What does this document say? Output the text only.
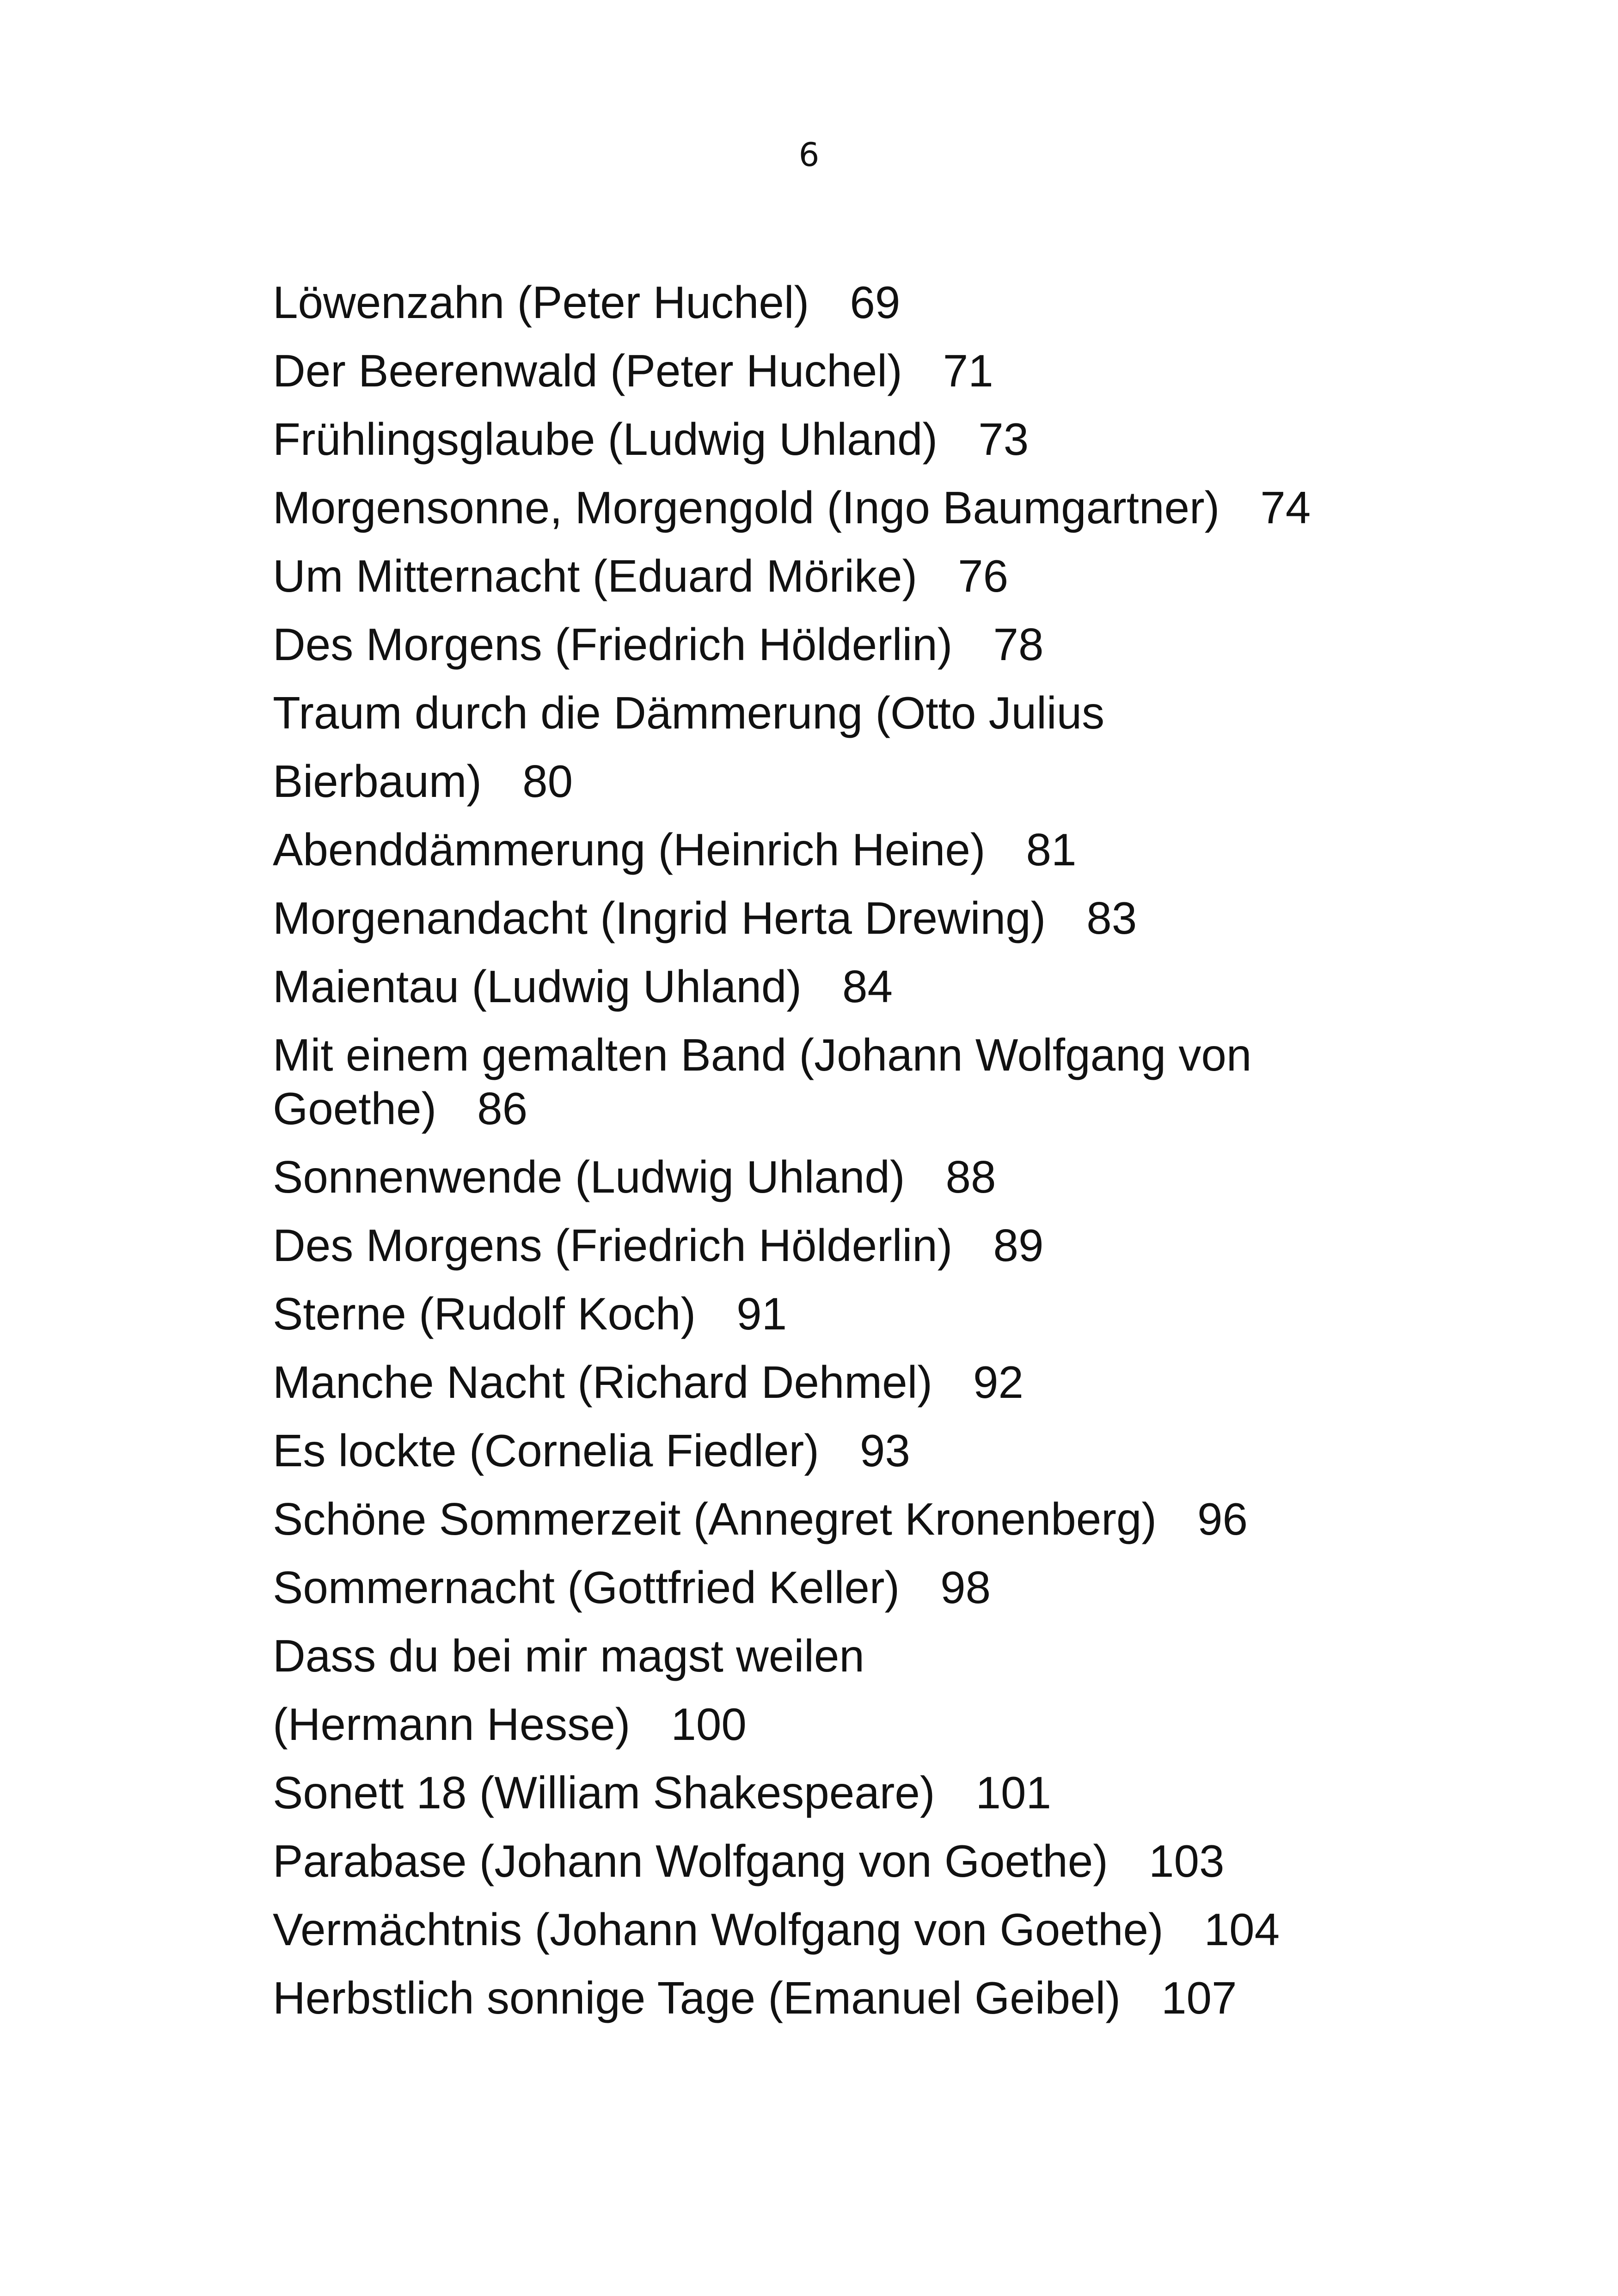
6
Löwenzahn (Peter Huchel) 69
Der Beerenwald (Peter Huchel) 71
Frühlingsglaube (Ludwig Uhland) 73
Morgensonne, Morgengold (Ingo Baumgartner) 74
Um Mitternacht (Eduard Mörike) 76
Des Morgens (Friedrich Hölderlin) 78
Traum durch die Dämmerung (Otto Julius
Bierbaum) 80
Abenddämmerung (Heinrich Heine) 81
Morgenandacht (Ingrid Herta Drewing) 83
Maientau (Ludwig Uhland) 84
Mit einem gemalten Band (Johann Wolfgang von
Goethe) 86
Sonnenwende (Ludwig Uhland) 88
Des Morgens (Friedrich Hölderlin) 89
Sterne (Rudolf Koch) 91
Manche Nacht (Richard Dehmel) 92
Es lockte (Cornelia Fiedler) 93
Schöne Sommerzeit (Annegret Kronenberg) 96
Sommernacht (Gottfried Keller) 98
Dass du bei mir magst weilen
(Hermann Hesse) 100
Sonett 18 (William Shakespeare) 101
Parabase (Johann Wolfgang von Goethe) 103
Vermächtnis (Johann Wolfgang von Goethe) 104
Herbstlich sonnige Tage (Emanuel Geibel) 107
